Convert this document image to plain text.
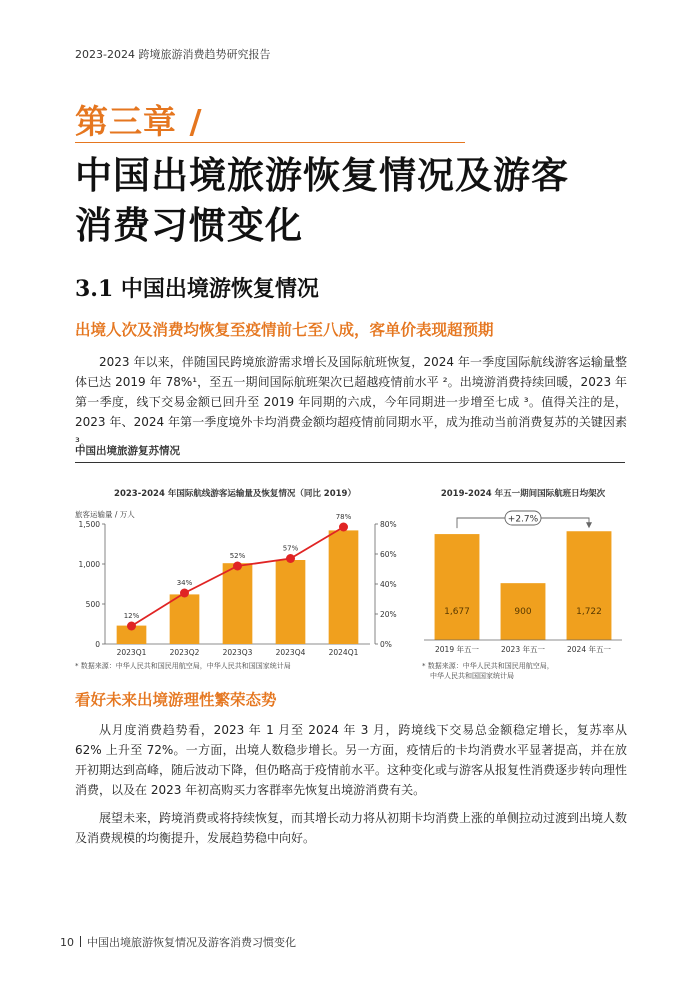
2023-2024 跨境旅游消费趋势研究报告
第三章 /
中国出境旅游恢复情况及游客
消费习惯变化
3.1 中国出境游恢复情况
出境人次及消费均恢复至疫情前七至八成，客单价表现超预期
2023 年以来，伴随国民跨境旅游需求增长及国际航班恢复，2024 年一季度国际航线游客运输量整体已达 2019 年 78%¹，至五一期间国际航班架次已超越疫情前水平 ²。出境游消费持续回暖，2023 年第一季度，线下交易金额已回升至 2019 年同期的六成，今年同期进一步增至七成 ³。值得关注的是，2023 年、2024 年第一季度境外卡均消费金额均超疫情前同期水平，成为推动当前消费复苏的关键因素 ³。
中国出境旅游复苏情况
2023-2024 年国际航线游客运输量及恢复情况（同比 2019）
旅客运输量 / 万人
12%
34%
52%
57%
78%
2023Q1	2023Q2	2023Q3	2023Q4	2024Q1
0
500
1,000
1,500
0%
20%
40%
60%
80%
* 数据来源：中华人民共和国民用航空局，中华人民共和国国家统计局
2019-2024 年五一期间国际航班日均架次
1,677
2019 年五一
900
2023 年五一
1,722
2024 年五一
+2.7%
* 数据来源：中华人民共和国民用航空局，
中华人民共和国国家统计局
看好未来出境游理性繁荣态势
从月度消费趋势看，2023 年 1 月至 2024 年 3 月，跨境线下交易总金额稳定增长，复苏率从 62% 上升至 72%。一方面，出境人数稳步增长。另一方面，疫情后的卡均消费水平显著提高，并在放开初期达到高峰，随后波动下降，但仍略高于疫情前水平。这种变化或与游客从报复性消费逐步转向理性消费，以及在 2023 年初高购买力客群率先恢复出境游消费有关。
展望未来，跨境消费或将持续恢复，而其增长动力将从初期卡均消费上涨的单侧拉动过渡到出境人数及消费规模的均衡提升，发展趋势稳中向好。
10 中国出境旅游恢复情况及游客消费习惯变化
